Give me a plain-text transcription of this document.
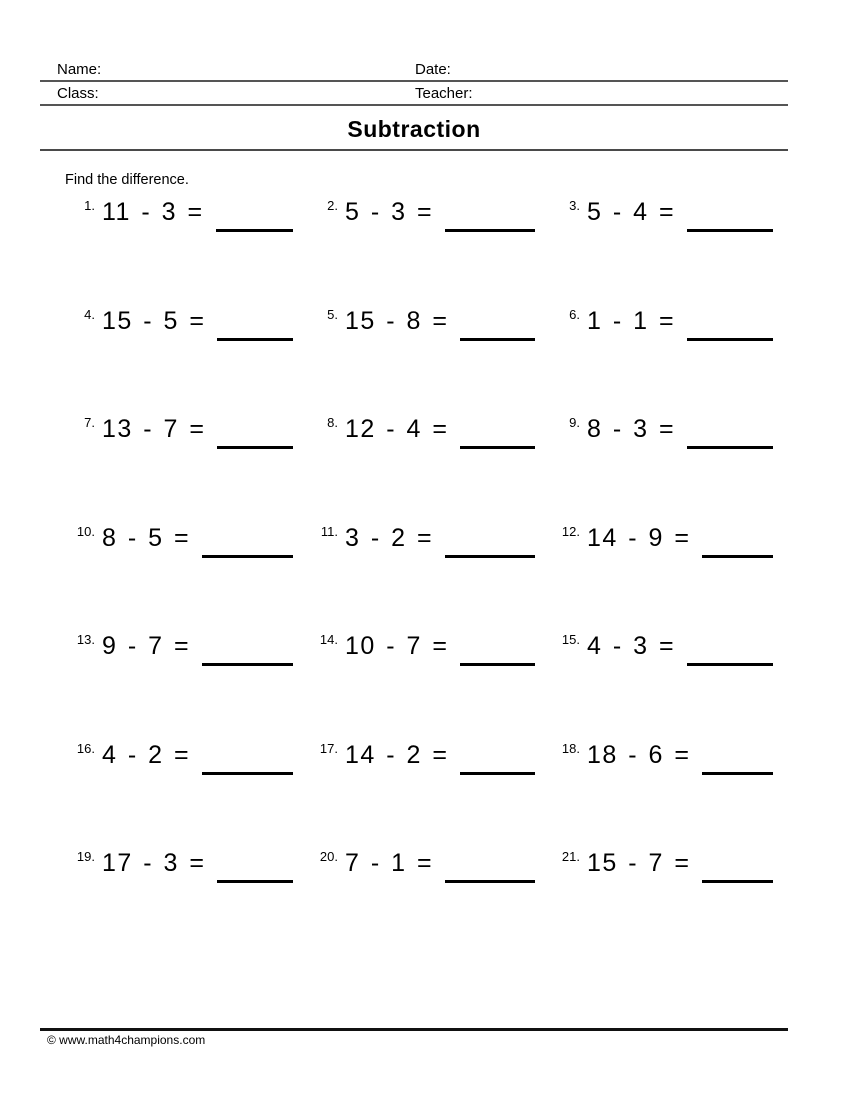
Name:	Date:
Class:	Teacher:
Subtraction
Find the difference.
1. 11 - 3 =	2. 5 - 3 =	3. 5 - 4 =
4. 15 - 5 =	5. 15 - 8 =	6. 1 - 1 =
7. 13 - 7 =	8. 12 - 4 =	9. 8 - 3 =
10. 8 - 5 =	11. 3 - 2 =	12. 14 - 9 =
13. 9 - 7 =	14. 10 - 7 =	15. 4 - 3 =
16. 4 - 2 =	17. 14 - 2 =	18. 18 - 6 =
19. 17 - 3 =	20. 7 - 1 =	21. 15 - 7 =
© www.math4champions.com
